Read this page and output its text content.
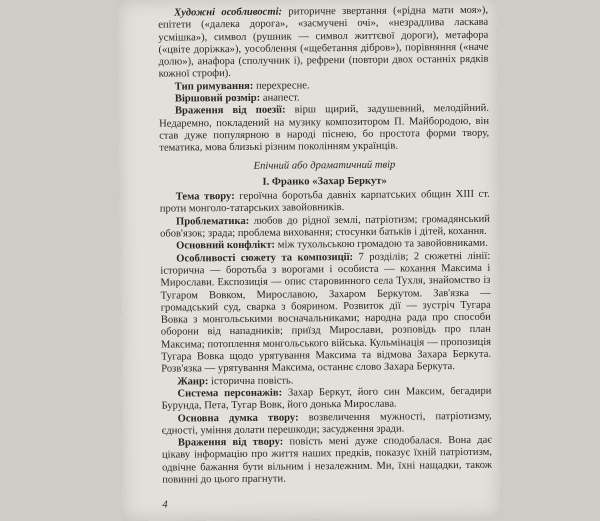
Художні особливості: риторичне звертання («рідна мати моя»), епітети («далека дорога», «засмучені очі», «незрадлива ласкава усмішка»), символ (рушник — символ життєвої дороги), метафора («цвіте доріжка»), уособлення («щебетання дібров»), порівняння («наче долю»), анафора (сполучник і), рефрени (повтори двох останніх рядків кожної строфи).

Тип римування: перехресне.

Віршовий розмір: анапест.

Враження від поезії: вірш щирий, задушевний, мелодійний. Недаремно, покладений на музику композитором П. Майбородою, він став дуже популярною в народі піснею, бо простота форми твору, тематика, мова близькі різним поколінням українців.

Епічний або драматичний твір

І. Франко «Захар Беркут»

Тема твору: героїчна боротьба давніх карпатських общин XIII ст. проти монголо-татарських завойовників.

Проблематика: любов до рідної землі, патріотизм; громадянський обов'язок; зрада; проблема виховання; стосунки батьків і дітей, кохання.

Основний конфлікт: між тухольською громадою та завойовниками.

Особливості сюжету та композиції: 7 розділів; 2 сюжетні лінії: історична — боротьба з ворогами і особиста — кохання Максима і Мирослави. Експозиція — опис старовинного села Тухля, знайомство із Тугаром Вовком, Мирославою, Захаром Беркутом. Зав'язка — громадський суд, сварка з боярином. Розвиток дії — зустріч Тугара Вовка з монгольськими восначальниками; народна рада про способи оборони від нападників; приїзд Мирослави, розповідь про план Максима; потоплення монгольського війська. Кульмінація — пропозиція Тугара Вовка щодо урятування Максима та відмова Захара Беркута. Розв'язка — урятування Максима, останнє слово Захара Беркута.

Жанр: історична повість.

Система персонажів: Захар Беркут, його син Максим, бегадири Бурунда, Пета, Тугар Вовк, його донька Мирослава.

Основна думка твору: возвеличення мужності, патріотизму, єдності, уміння долати перешкоди; засудження зради.

Враження від твору: повість мені дуже сподобалася. Вона дає цікаву інформацію про життя наших предків, показує їхній патріотизм, одвічне бажання бути вільним і незалежним. Ми, їхні нащадки, також повинні до цього прагнути.

4
